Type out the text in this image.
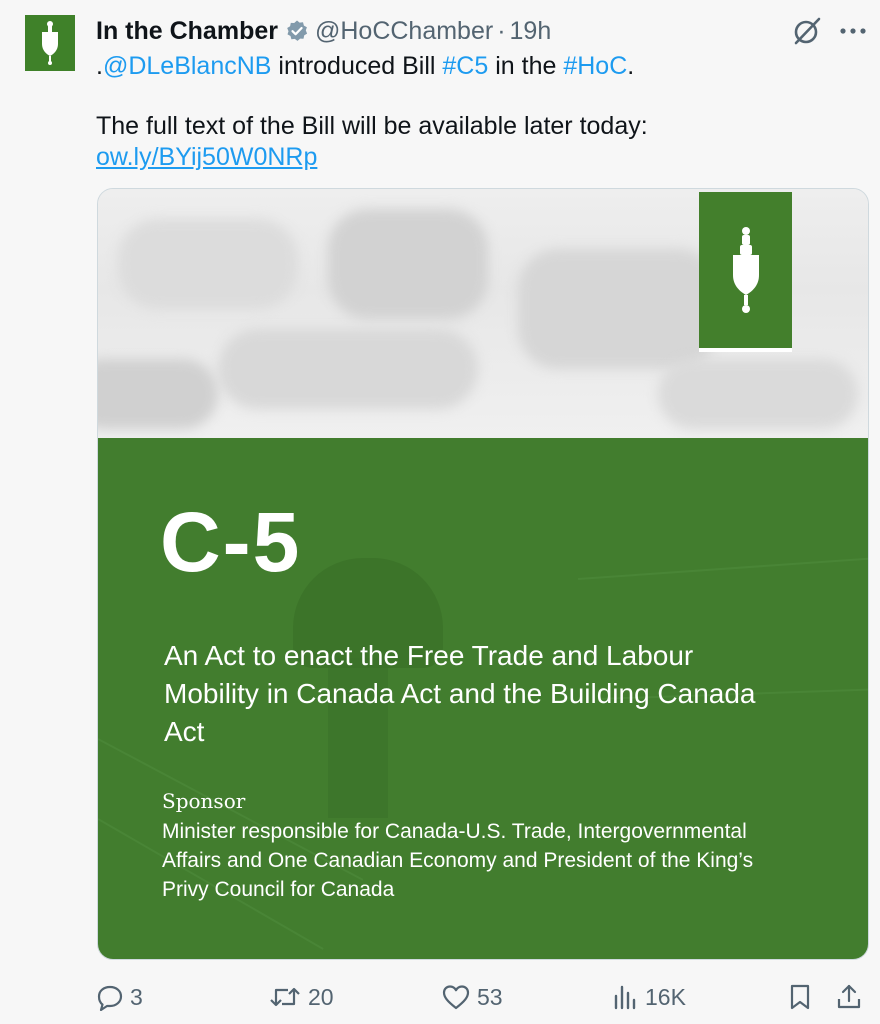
In the Chamber @HoCChamber · 19h
.@DLeBlancNB introduced Bill #C5 in the #HoC.
The full text of the Bill will be available later today:
ow.ly/BYij50W0NRp
C-5
An Act to enact the Free Trade and Labour Mobility in Canada Act and the Building Canada Act
Sponsor
Minister responsible for Canada-U.S. Trade, Intergovernmental Affairs and One Canadian Economy and President of the King’s Privy Council for Canada
3	20	53	16K
